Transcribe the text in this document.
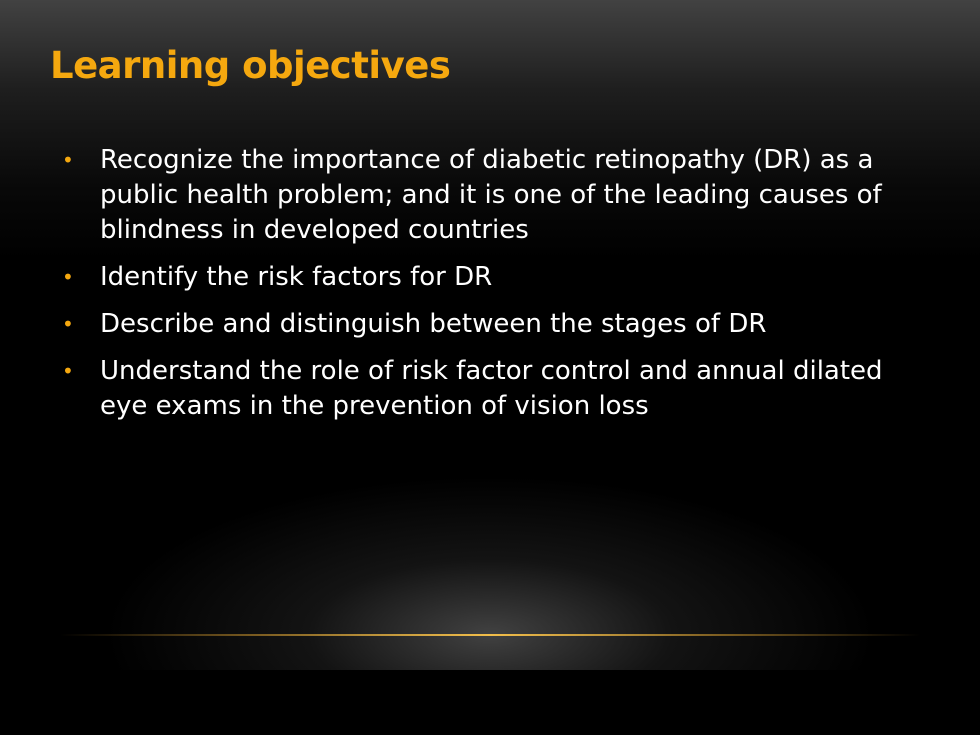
Learning objectives
• Recognize the importance of diabetic retinopathy (DR) as a public health problem; and it is one of the leading causes of blindness in developed countries
• Identify the risk factors for DR
• Describe and distinguish between the stages of DR
• Understand the role of risk factor control and annual dilated eye exams in the prevention of vision loss
